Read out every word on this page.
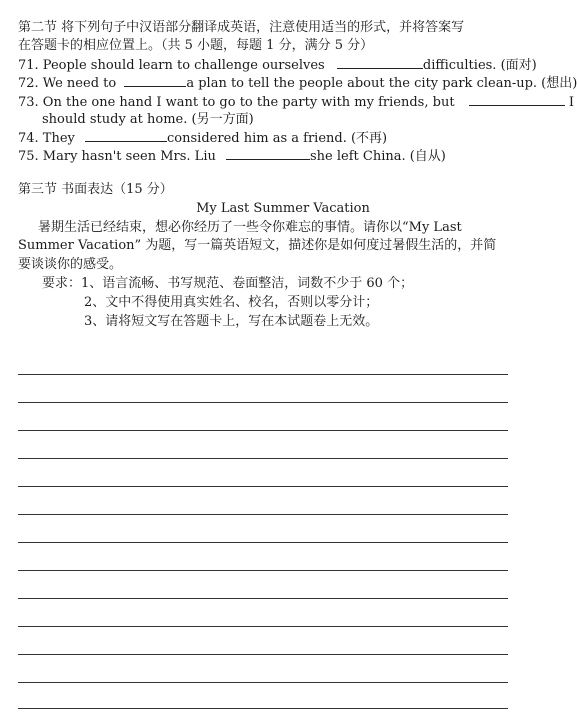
第二节 将下列句子中汉语部分翻译成英语，注意使用适当的形式，并将答案写
在答题卡的相应位置上。（共 5 小题，每题 1 分，满分 5 分）
71. People should learn to challenge ourselves	difficulties. (面对)
72. We need to	a plan to tell the people about the city park clean-up. (想出)
73. On the one hand I want to go to the party with my friends, but	I
should study at home. (另一方面)
74. They	considered him as a friend. (不再)
75. Mary hasn't seen Mrs. Liu	she left China. (自从)
第三节 书面表达（15 分）
My Last Summer Vacation
暑期生活已经结束，想必你经历了一些令你难忘的事情。请你以“My Last
Summer Vacation” 为题，写一篇英语短文，描述你是如何度过暑假生活的，并简
要谈谈你的感受。
要求：1、语言流畅、书写规范、卷面整洁，词数不少于 60 个；
2、文中不得使用真实姓名、校名，否则以零分计；
3、请将短文写在答题卡上，写在本试题卷上无效。
